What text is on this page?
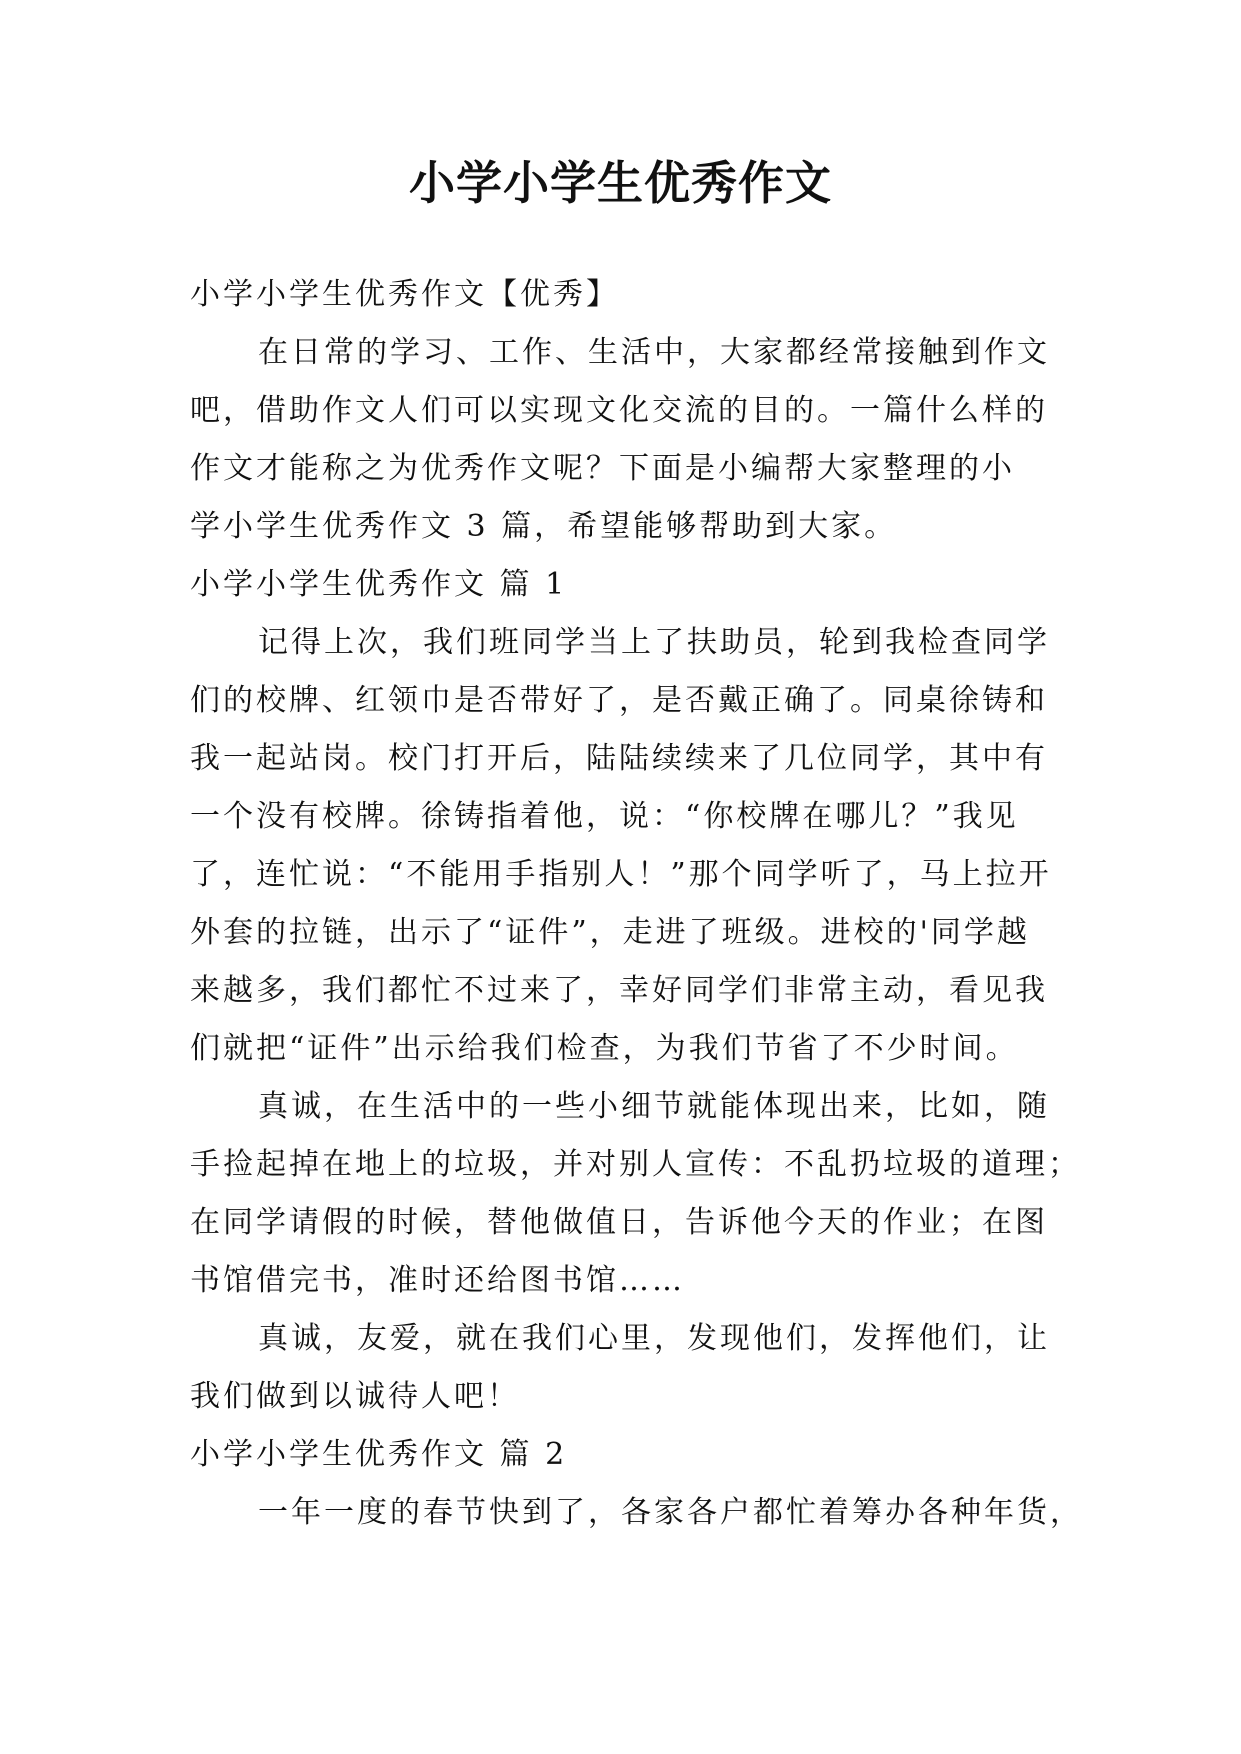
小学小学生优秀作文
小学小学生优秀作文【优秀】
在日常的学习、工作、生活中，大家都经常接触到作文
吧，借助作文人们可以实现文化交流的目的。一篇什么样的
作文才能称之为优秀作文呢？下面是小编帮大家整理的小
学小学生优秀作文 3 篇，希望能够帮助到大家。
小学小学生优秀作文 篇 1
记得上次，我们班同学当上了扶助员，轮到我检查同学
们的校牌、红领巾是否带好了，是否戴正确了。同桌徐铸和
我一起站岗。校门打开后，陆陆续续来了几位同学，其中有
一个没有校牌。徐铸指着他，说：“你校牌在哪儿？”我见
了，连忙说：“不能用手指别人！”那个同学听了，马上拉开
外套的拉链，出示了“证件”，走进了班级。进校的'同学越
来越多，我们都忙不过来了，幸好同学们非常主动，看见我
们就把“证件”出示给我们检查，为我们节省了不少时间。
真诚，在生活中的一些小细节就能体现出来，比如，随
手捡起掉在地上的垃圾，并对别人宣传：不乱扔垃圾的道理；
在同学请假的时候，替他做值日，告诉他今天的作业；在图
书馆借完书，准时还给图书馆……
真诚，友爱，就在我们心里，发现他们，发挥他们，让
我们做到以诚待人吧！
小学小学生优秀作文 篇 2
一年一度的春节快到了，各家各户都忙着筹办各种年货，
